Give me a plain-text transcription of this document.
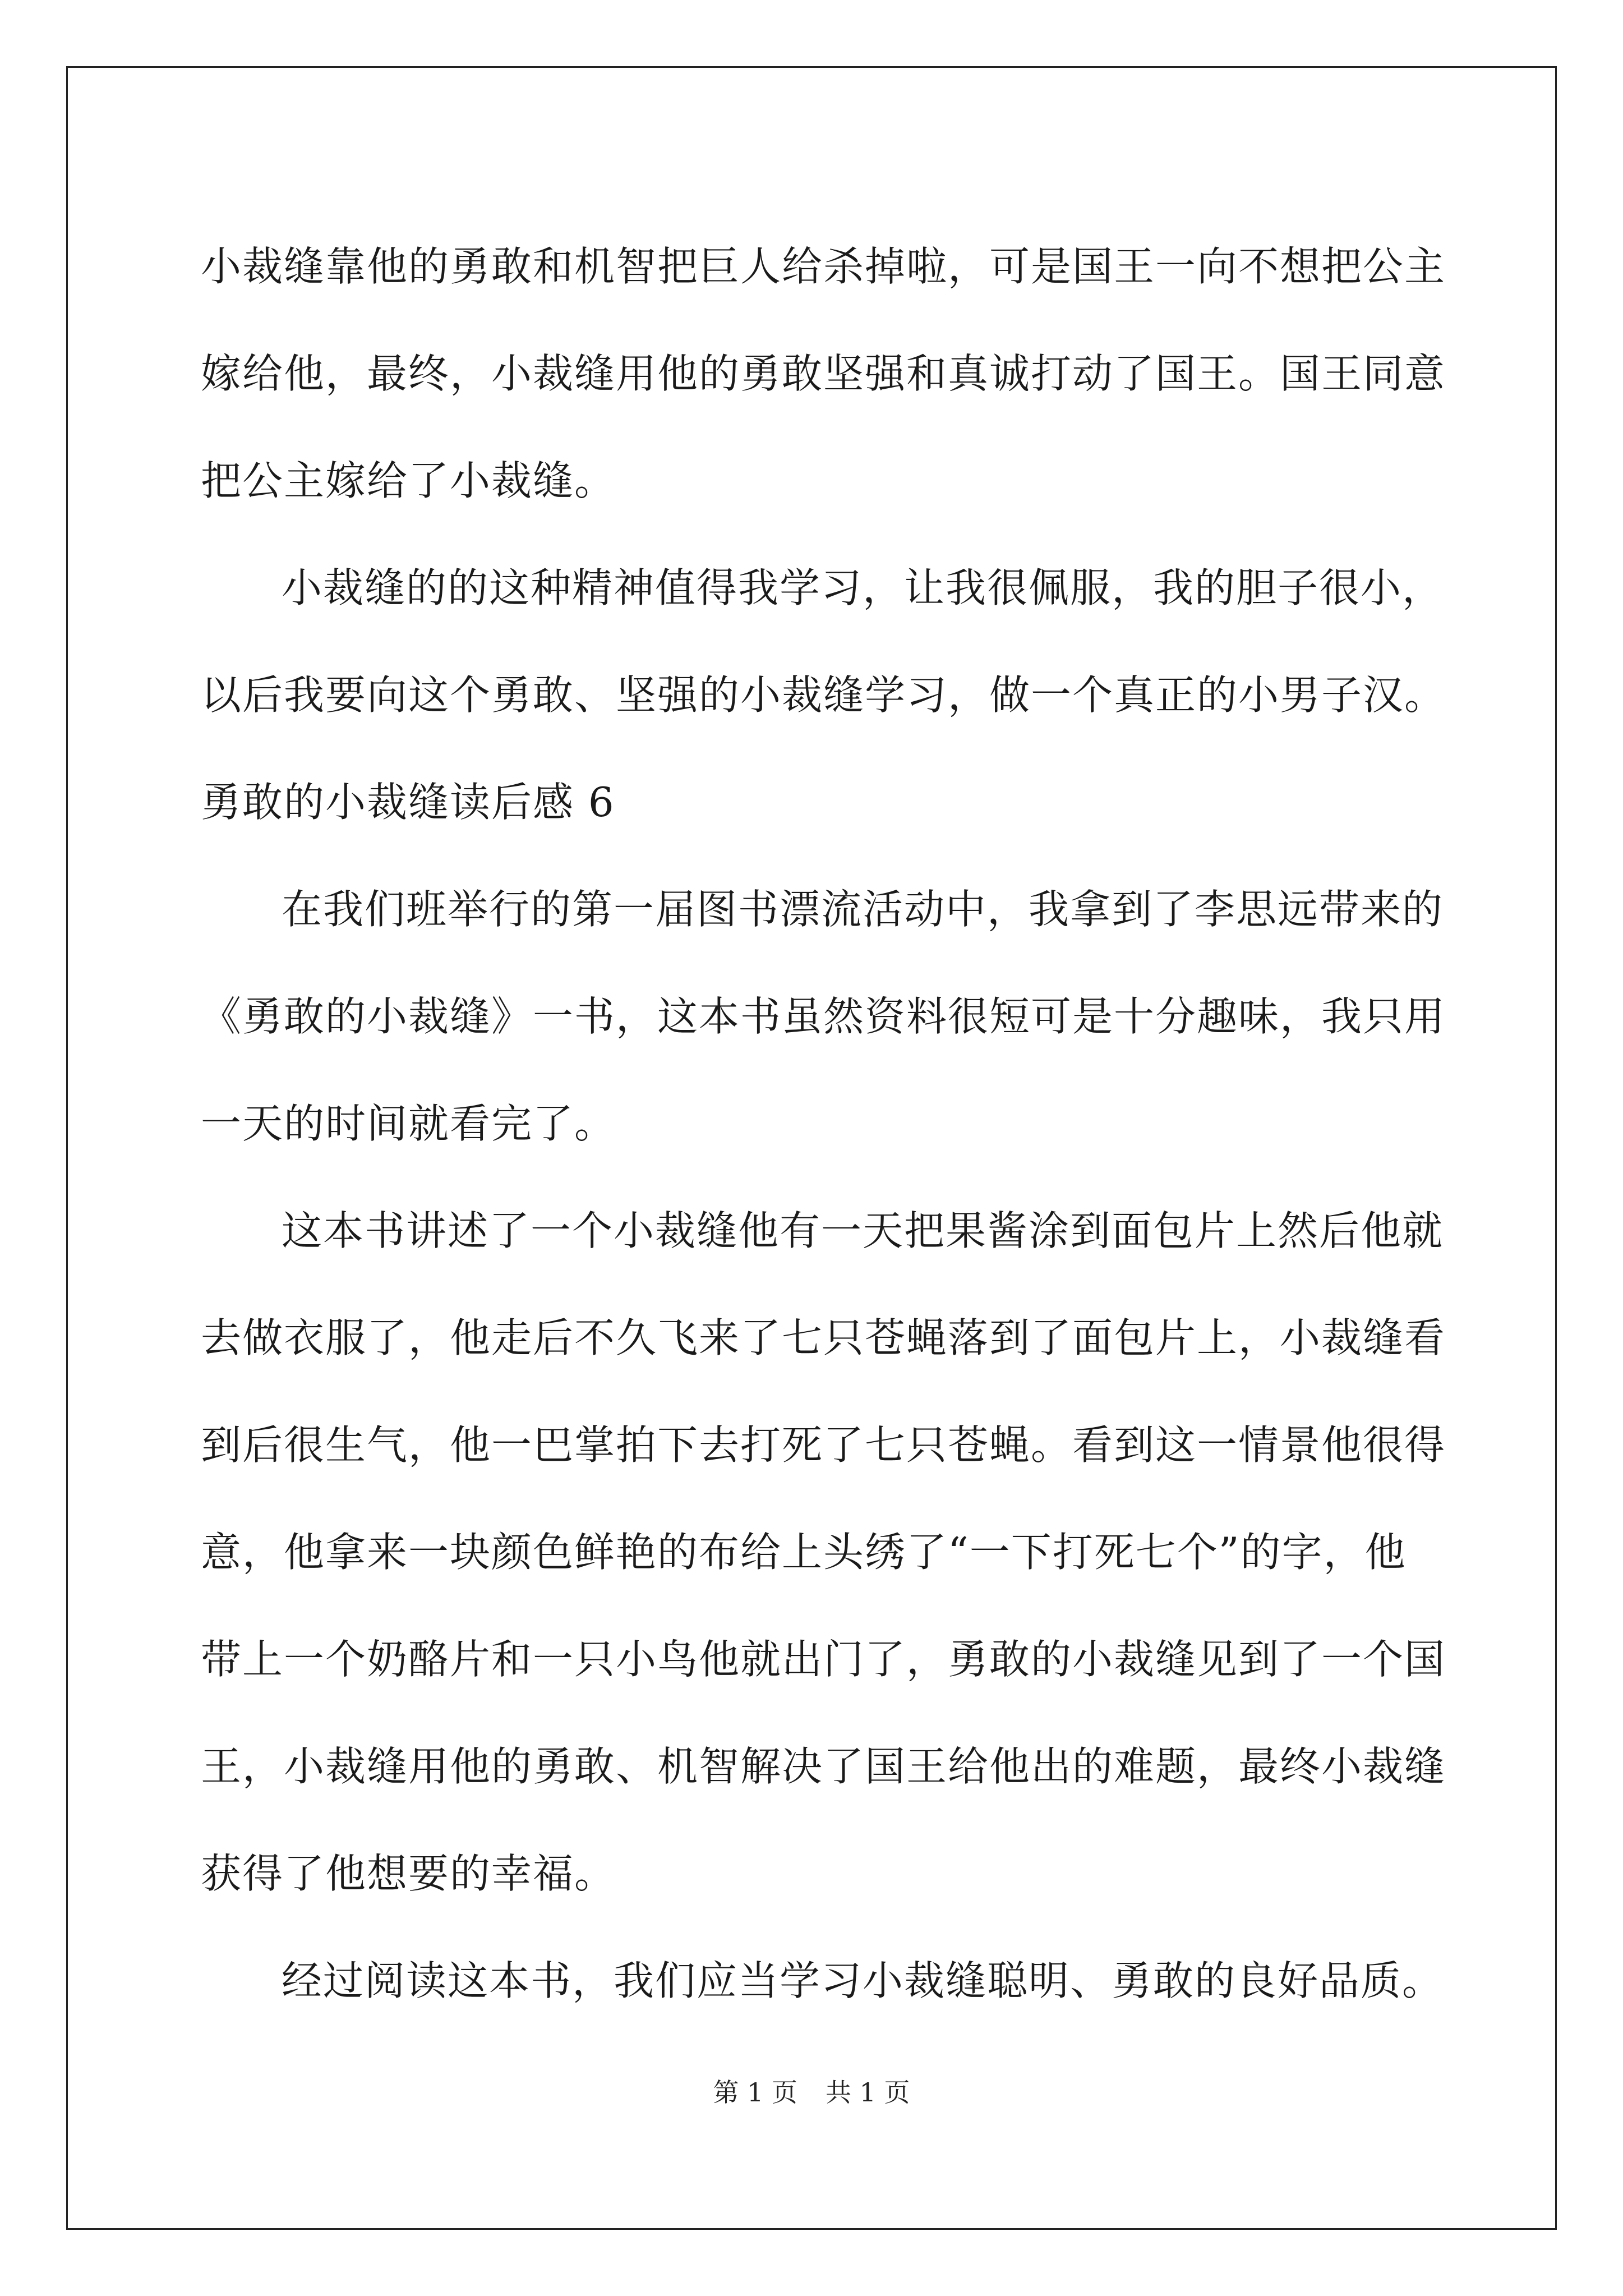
小裁缝靠他的勇敢和机智把巨人给杀掉啦，可是国王一向不想把公主
嫁给他，最终，小裁缝用他的勇敢坚强和真诚打动了国王。国王同意
把公主嫁给了小裁缝。
小裁缝的的这种精神值得我学习，让我很佩服，我的胆子很小，
以后我要向这个勇敢、坚强的小裁缝学习，做一个真正的小男子汉。
勇敢的小裁缝读后感 6
在我们班举行的第一届图书漂流活动中，我拿到了李思远带来的
《勇敢的小裁缝》一书，这本书虽然资料很短可是十分趣味，我只用
一天的时间就看完了。
这本书讲述了一个小裁缝他有一天把果酱涂到面包片上然后他就
去做衣服了，他走后不久飞来了七只苍蝇落到了面包片上，小裁缝看
到后很生气，他一巴掌拍下去打死了七只苍蝇。看到这一情景他很得
意，他拿来一块颜色鲜艳的布给上头绣了“一下打死七个”的字，他
带上一个奶酪片和一只小鸟他就出门了，勇敢的小裁缝见到了一个国
王，小裁缝用他的勇敢、机智解决了国王给他出的难题，最终小裁缝
获得了他想要的幸福。
经过阅读这本书，我们应当学习小裁缝聪明、勇敢的良好品质。
第 1 页 共 1 页
